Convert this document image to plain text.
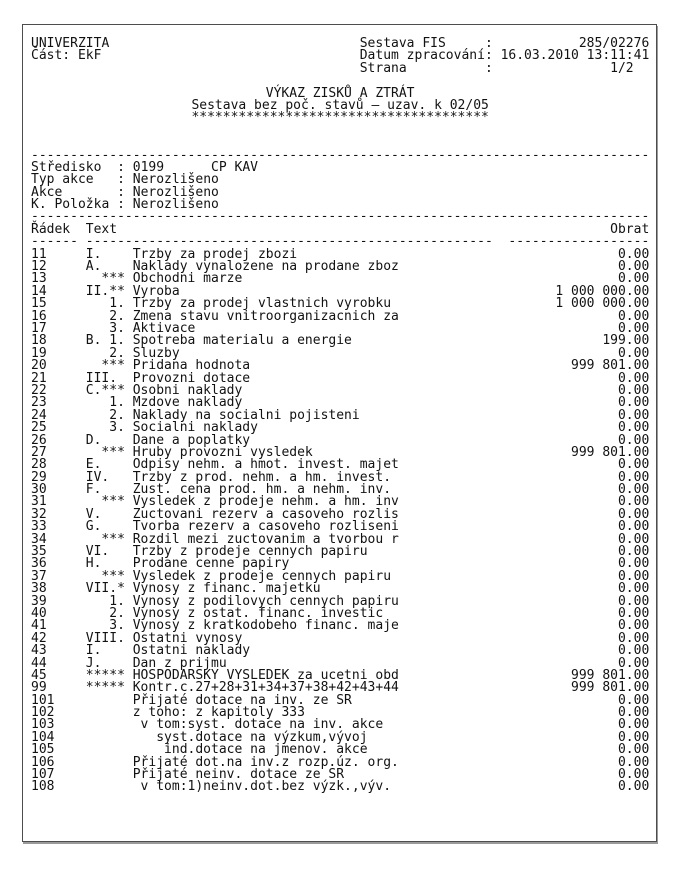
UNIVERZITA	Sestava FIS	:	285/02276
Část: EkF	Datum zpracování : 16.03.2010 13:11:41
Strana	:	1/2
VÝKAZ ZISKŮ A ZTRÁT
Sestava bez poč. stavů – uzav. k 02/05
**************************************
-------------------------------------------------------------------------------
Středisko : 0199      CP KAV
Typ akce	: Nerozlišeno
Akce	: Nerozlišeno
K. Položka : Nerozlišeno
-------------------------------------------------------------------------------
Řádek	Text	Obrat
------ ----------------------------------------------------  ------------------
11	I.	Trzby za prodej zbozi	0.00
12	A.	Naklady vynalozene na prodane zboz	0.00
13	*** Obchodni marze	0.00
14	II.** Vyroba	1 000 000.00
15	1. Trzby za prodej vlastnich vyrobku	1 000 000.00
16	2. Zmena stavu vnitroorganizacnich za	0.00
17	3. Aktivace	0.00
18	B. 1. Spotreba materialu a energie	199.00
19	2. Sluzby	0.00
20	*** Pridana hodnota	999 801.00
21	III.	Provozni dotace	0.00
22	C.*** Osobni naklady	0.00
23	1. Mzdove naklady	0.00
24	2. Naklady na socialni pojisteni	0.00
25	3. Socialni naklady	0.00
26	D.	Dane a poplatky	0.00
27	*** Hruby provozni vysledek	999 801.00
28	E.	Odpisy nehm. a hmot. invest. majet	0.00
29	IV.	Trzby z prod. nehm. a hm. invest.	0.00
30	F.	Zust. cena prod. hm. a nehm. inv.	0.00
31	*** Vysledek z prodeje nehm. a hm. inv	0.00
32	V.	Zuctovani rezerv a casoveho rozlis	0.00
33	G.	Tvorba rezerv a casoveho rozliseni	0.00
34	*** Rozdil mezi zuctovanim a tvorbou r	0.00
35	VI.	Trzby z prodeje cennych papiru	0.00
36	H.	Prodane cenne papiry	0.00
37	*** Vysledek z prodeje cennych papiru	0.00
38	VII.* Vynosy z financ. majetku	0.00
39	1. Vynosy z podilovych cennych papiru	0.00
40	2. Vynosy z ostat. financ. investic	0.00
41	3. Vynosy z kratkodobeho financ. maje	0.00
42	VIII. Ostatni vynosy	0.00
43	I.	Ostatni naklady	0.00
44	J.	Dan z prijmu	0.00
45	***** HOSPODARSKY VYSLEDEK za ucetni obd	999 801.00
99	***** Kontr.c.27+28+31+34+37+38+42+43+44	999 801.00
101	Přijaté dotace na inv. ze SR	0.00
102	z toho: z kapitoly 333	0.00
103	v tom:syst. dotace na inv. akce	0.00
104	syst.dotace na výzkum,vývoj	0.00
105	ind.dotace na jmenov. akce	0.00
106	Přijaté dot.na inv.z rozp.úz. org.	0.00
107	Přijaté neinv. dotace ze SR	0.00
108	v tom:1)neinv.dot.bez výzk.,výv.	0.00
